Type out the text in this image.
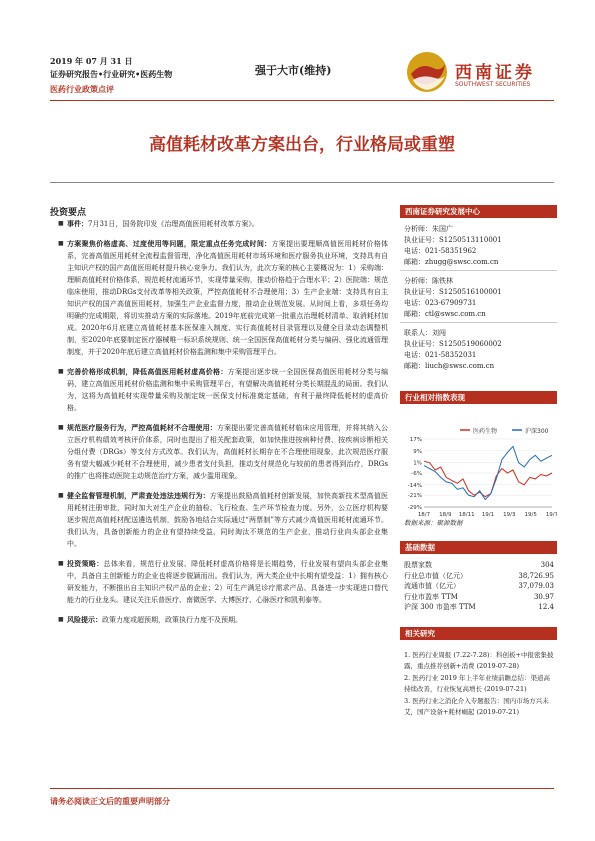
2019 年 07 月 31 日
证券研究报告•行业研究•医药生物
医药行业政策点评
强于大市(维持)	西南证券
SOUTHWEST SECURITIES
高值耗材改革方案出台，行业格局或重塑
投资要点
■ 事件：7月31日，国务院印发《治理高值医用耗材改革方案》。
■ 方案聚焦价格虚高、过度使用等问题，限定重点任务完成时间：方案提出要理顺高值医用耗材价格体系，完善高值医用耗材全流程监督管理，净化高值医用耗材市场环境和医疗服务执业环境，支持具有自主知识产权的国产高值医用耗材提升核心竞争力。我们认为，此次方案的核心主要概况为：1）采购端：理顺高值耗材价格体系，规范耗材流通环节，实现带量采购，推动价格趋于合理水平；2）医院端：规范临床使用，推动DRGs支付改革等相关政策，严控高值耗材不合理使用；3）生产企业端：支持具有自主知识产权的国产高值医用耗材，加强生产企业监督力度，推动企业规范发展。从时间上看，多项任务均明确约完成期限，将切实推动方案的实际落地。2019年底前完成第一批重点治理耗材清单、取消耗材加成。2020年6月底建立高值耗材基本医保准入制度、实行高值耗材目录管理以及健全目录动态调整机制，至2020年底要制定医疗器械唯一标识系统规则、统一全国医保高值耗材分类与编码、强化流通管理制度，并于2020年底后建立高值耗材价格监测和集中采购管理平台。
■ 完善价格形成机制，降低高值医用耗材虚高价格：方案提出逐步统一全国医保高值医用耗材分类与编码，建立高值医用耗材价格监测和集中采购管理平台，有望解决高值耗材分类长期混乱的局面。我们认为，这将为高值耗材实现带量采购及制定统一医保支付标准奠定基础，有利于最终降低耗材的虚高价格。
■ 规范医疗服务行为，严控高值耗材不合理使用：方案提出要完善高值耗材临床应用管理，并将其纳入公立医疗机构绩效考核评价体系，同时也提出了相关配套政策，如加快推进按病种付费、按疾病诊断相关分组付费（DRGs）等支付方式改革。我们认为，高值耗材长期存在不合理使用现象，此次规范医疗服务有望大幅减少耗材不合理使用，减少患者支付负担，推动支付规范化与较前的患者得到治疗，DRGs的推广也将推动医院主动规范治疗方案，减少滥用现象。
■ 健全监督管理机制，严肃查处违法违规行为：方案提出鼓励高值耗材创新发展，加快高新技术型高值医用耗材注册审批，同时加大对生产企业的抽检、飞行检查、生产环节检查力度。另外，公立医疗机构要逐步规范高值耗材配送遴选机制，鼓励各地结合实际通过“两票制”等方式减少高值医用耗材流通环节。我们认为，具备创新能力的企业有望持续受益，同时淘汰不规范的生产企业，推动行业向头部企业集中。
■ 投资策略：总体来看，规范行业发展、降低耗材虚高价格将是长期趋势，行业发展有望向头部企业集中，具备自主创新能力的企业也将逐步脱颖而出。我们认为，两大类企业中长期有望受益：1）拥有核心研发能力，不断推出自主知识产权产品的企业；2）可生产满足诊疗需求产品、具备进一步实现进口替代能力的行业龙头。建议关注乐普医疗、南微医学、大博医疗、心脉医疗和凯利泰等。
■ 风险提示：政策力度或超预期，政策执行力度不及预期。
西南证券研究发展中心
分析师：朱国广
执业证号：S1250513110001
电话：021-58351962
邮箱：zhugg@swsc.com.cn
分析师：陈铁林
执业证号：S1250516100001
电话：023-67909731
邮箱：ctl@swsc.com.cn
联系人：刘闯
执业证号：S1250519060002
电话：021-58352031
邮箱：liuch@swsc.com.cn
行业相对指数表现
医药生物	沪深300
17%
9%
1%
-6%
-14%
-21%
-29%
18/7 18/9 18/11 19/1 19/3 19/5 19/7
数据来源：聚源数据
基础数据
股票家数	304
行业总市值（亿元）	38,726.95
流通市值（亿元）	37,079.03
行业市盈率 TTM	30.97
沪深 300 市盈率 TTM	12.4
相关研究
1. 医药行业周报 (7.22-7.28)：科创板+中报密集披露，重点推荐创新+消费 (2019-07-28)
2. 医药行业 2019 年上半年业绩前瞻总结：渠道高持续改善，行业恢复高增长 (2019-07-21)
3. 医药行业之消化介入专题报告：国内市场方兴未艾，国产设备+耗材崛起 (2019-07-21)
请务必阅读正文后的重要声明部分
